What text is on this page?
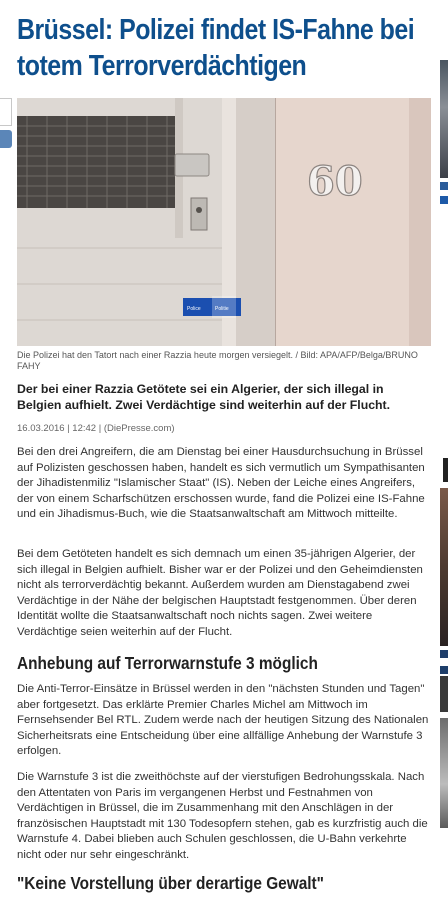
Brüssel: Polizei findet IS-Fahne bei totem Terrorverdächtigen
Police	Politie
60
Die Polizei hat den Tatort nach einer Razzia heute morgen versiegelt. / Bild: APA/AFP/Belga/BRUNO FAHY

Der bei einer Razzia Getötete sei ein Algerier, der sich illegal in Belgien aufhielt. Zwei Verdächtige sind weiterhin auf der Flucht.

16.03.2016 | 12:42 | (DiePresse.com)

Bei den drei Angreifern, die am Dienstag bei einer Hausdurchsuchung in Brüssel auf Polizisten geschossen haben, handelt es sich vermutlich um Sympathisanten der Jihadistenmiliz "Islamischer Staat" (IS). Neben der Leiche eines Angreifers, der von einem Scharfschützen erschossen wurde, fand die Polizei eine IS-Fahne und ein Jihadismus-Buch, wie die Staatsanwaltschaft am Mittwoch mitteilte.

Bei dem Getöteten handelt es sich demnach um einen 35-jährigen Algerier, der sich illegal in Belgien aufhielt. Bisher war er der Polizei und den Geheimdiensten nicht als terrorverdächtig bekannt. Außerdem wurden am Dienstagabend zwei Verdächtige in der Nähe der belgischen Hauptstadt festgenommen. Über deren Identität wollte die Staatsanwaltschaft noch nichts sagen. Zwei weitere Verdächtige seien weiterhin auf der Flucht.

Anhebung auf Terrorwarnstufe 3 möglich

Die Anti-Terror-Einsätze in Brüssel werden in den "nächsten Stunden und Tagen" aber fortgesetzt. Das erklärte Premier Charles Michel am Mittwoch im Fernsehsender Bel RTL. Zudem werde nach der heutigen Sitzung des Nationalen Sicherheitsrats eine Entscheidung über eine allfällige Anhebung der Warnstufe 3 erfolgen.

Die Warnstufe 3 ist die zweithöchste auf der vierstufigen Bedrohungsskala. Nach den Attentaten von Paris im vergangenen Herbst und Festnahmen von Verdächtigen in Brüssel, die im Zusammenhang mit den Anschlägen in der französischen Hauptstadt mit 130 Todesopfern stehen, gab es kurzfristig auch die Warnstufe 4. Dabei blieben auch Schulen geschlossen, die U-Bahn verkehrte nicht oder nur sehr eingeschränkt.

"Keine Vorstellung über derartige Gewalt"
